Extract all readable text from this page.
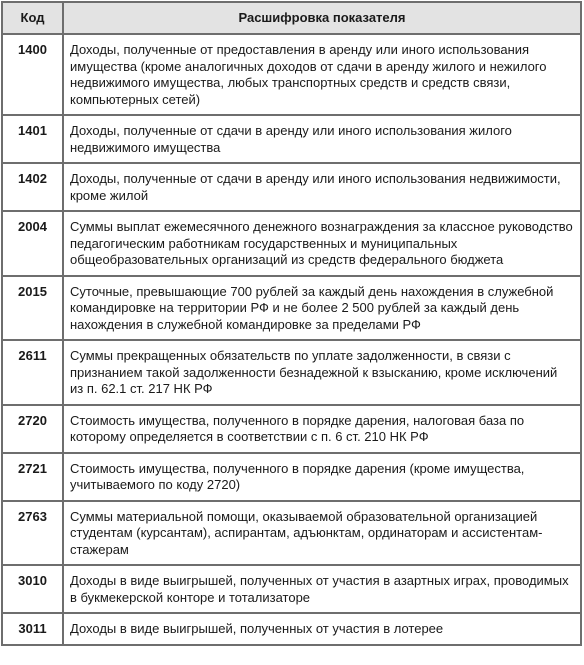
Код	Расшифровка показателя
1400	Доходы, полученные от предоставления в аренду или иного использования имущества (кроме аналогичных доходов от сдачи в аренду жилого и нежилого недвижимого имущества, любых транспортных средств и средств связи, компьютерных сетей)
1401	Доходы, полученные от сдачи в аренду или иного использования жилого недвижимого имущества
1402	Доходы, полученные от сдачи в аренду или иного использования недвижимости, кроме жилой
2004	Суммы выплат ежемесячного денежного вознаграждения за классное руководство педагогическим работникам государственных и муниципальных общеобразовательных организаций из средств федерального бюджета
2015	Суточные, превышающие 700 рублей за каждый день нахождения в служебной командировке на территории РФ и не более 2 500 рублей за каждый день нахождения в служебной командировке за пределами РФ
2611	Суммы прекращенных обязательств по уплате задолженности, в связи с признанием такой задолженности безнадежной к взысканию, кроме исключений из п. 62.1 ст. 217 НК РФ
2720	Стоимость имущества, полученного в порядке дарения, налоговая база по которому определяется в соответствии с п. 6 ст. 210 НК РФ
2721	Стоимость имущества, полученного в порядке дарения (кроме имущества, учитываемого по коду 2720)
2763	Суммы материальной помощи, оказываемой образовательной организацией студентам (курсантам), аспирантам, адъюнктам, ординаторам и ассистентам-стажерам
3010	Доходы в виде выигрышей, полученных от участия в азартных играх, проводимых в букмекерской конторе и тотализаторе
3011	Доходы в виде выигрышей, полученных от участия в лотерее
